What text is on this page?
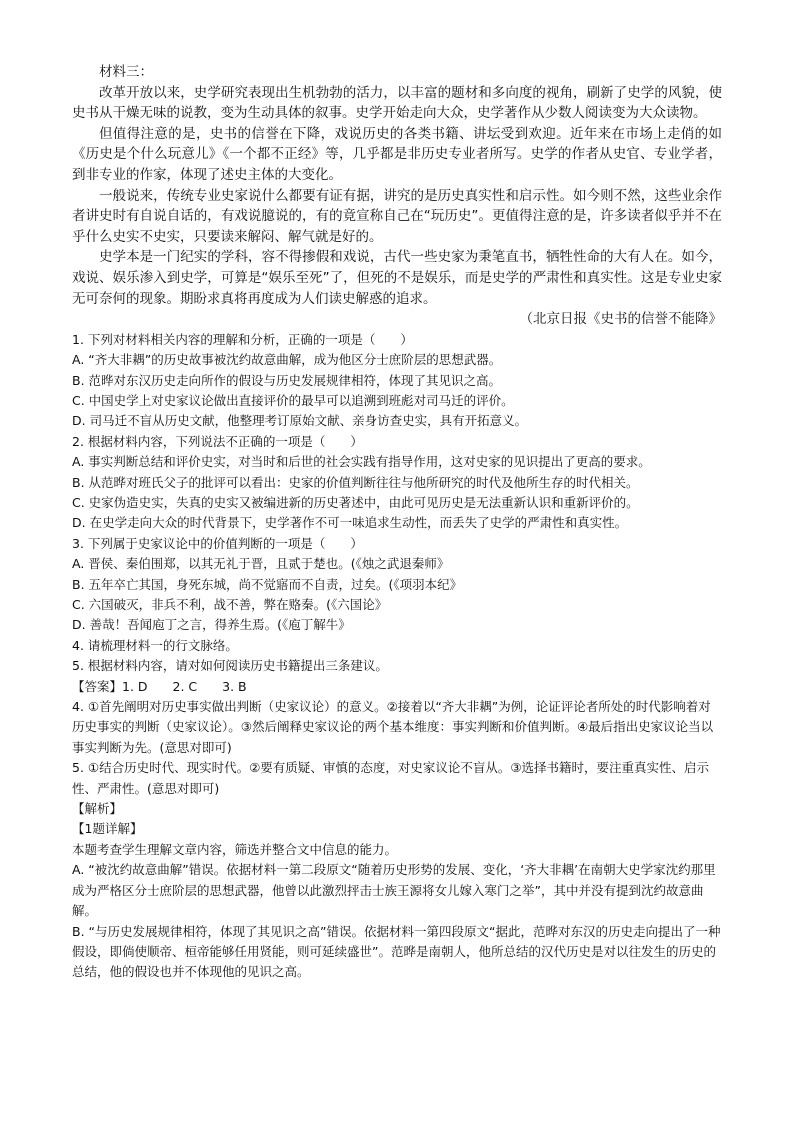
材料三：

改革开放以来，史学研究表现出生机勃勃的活力，以丰富的题材和多向度的视角，刷新了史学的风貌，使史书从干燥无味的说教，变为生动具体的叙事。史学开始走向大众，史学著作从少数人阅读变为大众读物。

但值得注意的是，史书的信誉在下降，戏说历史的各类书籍、讲坛受到欢迎。近年来在市场上走俏的如《历史是个什么玩意儿》《一个都不正经》等，几乎都是非历史专业者所写。史学的作者从史官、专业学者，到非专业的作家，体现了述史主体的大变化。

一般说来，传统专业史家说什么都要有证有据，讲究的是历史真实性和启示性。如今则不然，这些业余作者讲史时有自说自话的，有戏说臆说的，有的竟宣称自己在“玩历史”。更值得注意的是，许多读者似乎并不在乎什么史实不史实，只要读来解闷、解气就是好的。

史学本是一门纪实的学科，容不得掺假和戏说，古代一些史家为秉笔直书，牺牲性命的大有人在。如今，戏说、娱乐渗入到史学，可算是“娱乐至死”了，但死的不是娱乐，而是史学的严肃性和真实性。这是专业史家无可奈何的现象。期盼求真将再度成为人们读史解惑的追求。

（北京日报《史书的信誉不能降》

1. 下列对材料相关内容的理解和分析，正确的一项是（　　）

A. “齐大非耦”的历史故事被沈约故意曲解，成为他区分士庶阶层的思想武器。

B. 范晔对东汉历史走向所作的假设与历史发展规律相符，体现了其见识之高。

C. 中国史学上对史家议论做出直接评价的最早可以追溯到班彪对司马迁的评价。

D. 司马迁不盲从历史文献，他整理考订原始文献、亲身访查史实，具有开拓意义。

2. 根据材料内容，下列说法不正确的一项是（　　）

A. 事实判断总结和评价史实，对当时和后世的社会实践有指导作用，这对史家的见识提出了更高的要求。

B. 从范晔对班氏父子的批评可以看出：史家的价值判断往往与他所研究的时代及他所生存的时代相关。

C. 史家伪造史实，失真的史实又被编进新的历史著述中，由此可见历史是无法重新认识和重新评价的。

D. 在史学走向大众的时代背景下，史学著作不可一味追求生动性，而丢失了史学的严肃性和真实性。

3. 下列属于史家议论中的价值判断的一项是（　　）

A. 晋侯、秦伯围郑，以其无礼于晋，且贰于楚也。(《烛之武退秦师》

B. 五年卒亡其国，身死东城，尚不觉寤而不自责，过矣。(《项羽本纪》

C. 六国破灭，非兵不利，战不善，弊在赂秦。(《六国论》

D. 善哉！吾闻庖丁之言，得养生焉。(《庖丁解牛》

4. 请梳理材料一的行文脉络。

5. 根据材料内容，请对如何阅读历史书籍提出三条建议。

【答案】1. D　　2. C　　3. B

4. ①首先阐明对历史事实做出判断（史家议论）的意义。②接着以“齐大非耦”为例，论证评论者所处的时代影响着对历史事实的判断（史家议论）。③然后阐释史家议论的两个基本维度：事实判断和价值判断。④最后指出史家议论当以事实判断为先。(意思对即可)

5. ①结合历史时代、现实时代。②要有质疑、审慎的态度，对史家议论不盲从。③选择书籍时，要注重真实性、启示性、严肃性。(意思对即可)

【解析】

【1题详解】

本题考查学生理解文章内容，筛选并整合文中信息的能力。

A. “被沈约故意曲解”错误。依据材料一第二段原文“随着历史形势的发展、变化，‘齐大非耦’在南朝大史学家沈约那里成为严格区分士庶阶层的思想武器，他曾以此激烈抨击士族王源将女儿嫁入寒门之举”，其中并没有提到沈约故意曲解。

B. “与历史发展规律相符，体现了其见识之高”错误。依据材料一第四段原文“据此，范晔对东汉的历史走向提出了一种假设，即倘使顺帝、桓帝能够任用贤能，则可延续盛世”。范晔是南朝人，他所总结的汉代历史是对以往发生的历史的总结，他的假设也并不体现他的见识之高。
